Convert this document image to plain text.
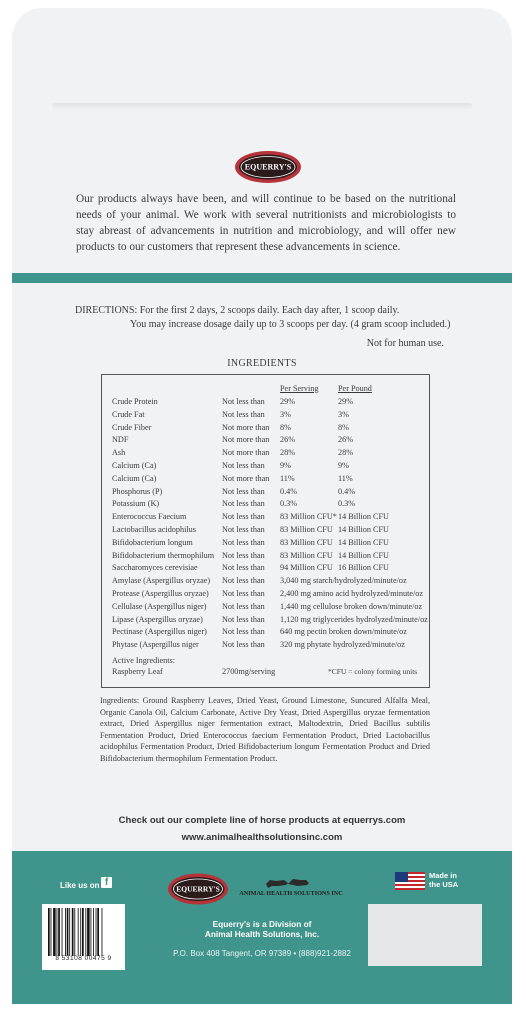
EQUERRY'S
Our products always have been, and will continue to be based on the nutritional needs of your animal. We work with several nutritionists and microbiologists to stay abreast of advancements in nutrition and microbiology, and will offer new products to our customers that represent these advancements in science.
DIRECTIONS: For the first 2 days, 2 scoops daily. Each day after, 1 scoop daily.
You may increase dosage daily up to 3 scoops per day. (4 gram scoop included.)
Not for human use.
INGREDIENTS
Per Serving Per Pound
Active Ingredients:
Raspberry Leaf	2700mg/serving	*CFU = colony forming units
Crude Protein	Not less than 29%	29%
Crude Fat	Not less than 3%	3%
Crude Fiber	Not more than 8%	8%
NDF	Not more than 26%	26%
Ash	Not more than 28%	28%
Calcium (Ca)	Not less than 9%	9%
Calcium (Ca)	Not more than 11%	11%
Phosphorus (P)	Not less than 0.4%	0.4%
Potassium (K)	Not less than 0.3%	0.3%
Enterococcus Faecium	Not less than 83 Million CFU* 14 Billion CFU
Lactobacillus acidophilus	Not less than 83 Million CFU 14 Billion CFU
Bifidobacterium longum	Not less than 83 Million CFU 14 Billion CFU
Bifidobacterium thermophilum Not less than 83 Million CFU 14 Billion CFU
Saccharomyces cerevisiae	Not less than 94 Million CFU 16 Billion CFU
Amylase (Aspergillus oryzae) Not less than 3,040 mg starch/hydrolyzed/minute/oz
Protease (Aspergillus oryzae) Not less than 2,400 mg amino acid hydrolyzed/minute/oz
Cellulase (Aspergillus niger) Not less than 1,440 mg cellulose broken down/minute/oz
Lipase (Aspergillus oryzae) Not less than 1,120 mg triglycerides hydrolyzed/minute/oz
Pectinase (Aspergillus niger) Not less than 640 mg pectin broken down/minute/oz
Phytase (Aspergillus niger	Not less than 320 mg phytate hydrolyzed/minute/oz
Ingredients: Ground Raspberry Leaves, Dried Yeast, Ground Limestone, Suncured Alfalfa Meal, Organic Canola Oil, Calcium Carbonate, Active Dry Yeast, Dried Aspergillus oryzae fermentation extract, Dried Aspergillus niger fermentation extract, Maltodextrin, Dried Bacillus subtilis Fermentation Product, Dried Enterococcus faecium Fermentation Product, Dried Lactobacillus acidophilus Fermentation Product, Dried Bifidobacterium longum Fermentation Product and Dried Bifidobacterium thermophilum Fermentation Product.
Check out our complete line of horse products at equerrys.com
www.animalhealthsolutionsinc.com
Like us on f
EQUERRY'S	ANIMAL HEALTH SOLUTIONS INC
Made in
the USA
8 53108 00475 9
Equerry's is a Division of
Animal Health Solutions, Inc.
P.O. Box 408 Tangent, OR 97389 • (888)921-2882
